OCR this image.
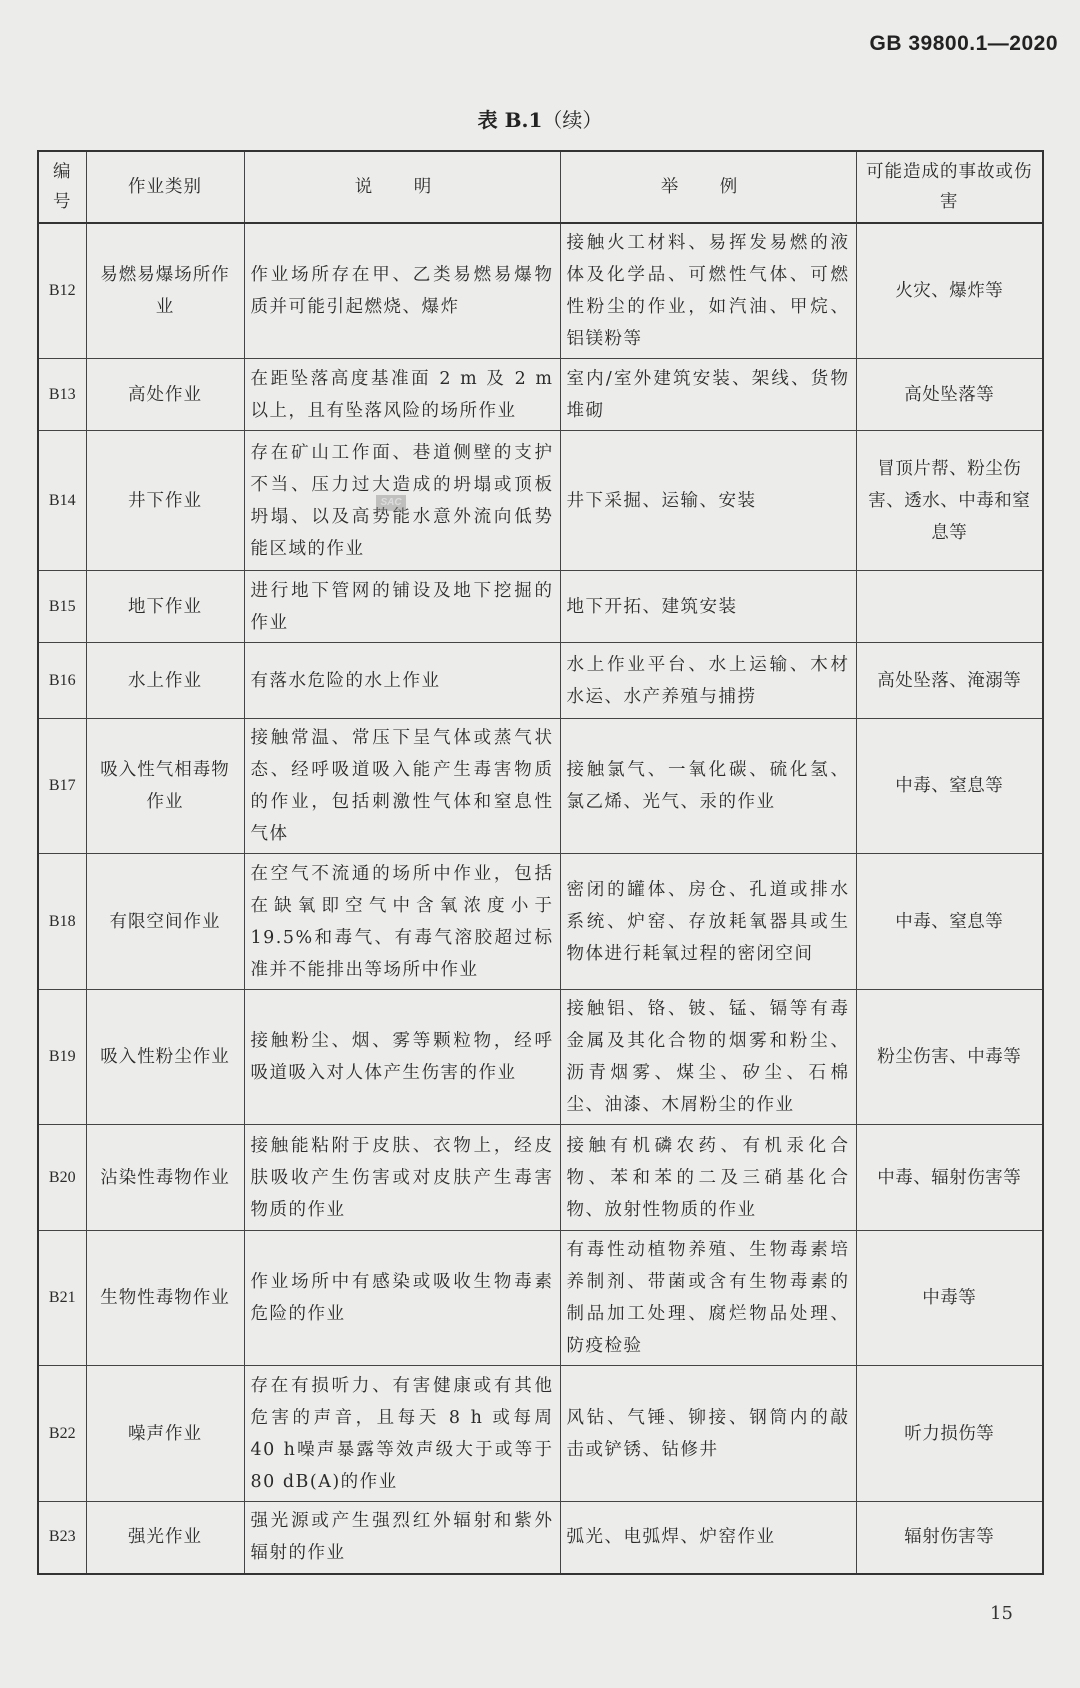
GB 39800.1—2020
表 B.1（续）
编号	作业类别	说 明	举 例	可能造成的事故或伤害
B12	易燃易爆场所作业	作业场所存在甲、乙类易燃易爆物质并可能引起燃烧、爆炸	接触火工材料、易挥发易燃的液体及化学品、可燃性气体、可燃性粉尘的作业，如汽油、甲烷、铝镁粉等	火灾、爆炸等
B13	高处作业	在距坠落高度基准面 2 m 及 2 m 以上，且有坠落风险的场所作业	室内/室外建筑安装、架线、货物堆砌	高处坠落等
B14	井下作业	存在矿山工作面、巷道侧壁的支护不当、压力过大造成的坍塌或顶板坍塌、以及高势能水意外流向低势能区域的作业	井下采掘、运输、安装	冒顶片帮、粉尘伤害、透水、中毒和窒息等
B15	地下作业	进行地下管网的铺设及地下挖掘的作业	地下开拓、建筑安装	
B16	水上作业	有落水危险的水上作业	水上作业平台、水上运输、木材水运、水产养殖与捕捞	高处坠落、淹溺等
B17	吸入性气相毒物作业	接触常温、常压下呈气体或蒸气状态、经呼吸道吸入能产生毒害物质的作业，包括刺激性气体和窒息性气体	接触氯气、一氧化碳、硫化氢、氯乙烯、光气、汞的作业	中毒、窒息等
B18	有限空间作业	在空气不流通的场所中作业，包括在缺氧即空气中含氧浓度小于19.5%和毒气、有毒气溶胶超过标准并不能排出等场所中作业	密闭的罐体、房仓、孔道或排水系统、炉窑、存放耗氧器具或生物体进行耗氧过程的密闭空间	中毒、窒息等
B19	吸入性粉尘作业	接触粉尘、烟、雾等颗粒物，经呼吸道吸入对人体产生伤害的作业	接触铝、铬、铍、锰、镉等有毒金属及其化合物的烟雾和粉尘、沥青烟雾、煤尘、矽尘、石棉尘、油漆、木屑粉尘的作业	粉尘伤害、中毒等
B20	沾染性毒物作业	接触能粘附于皮肤、衣物上，经皮肤吸收产生伤害或对皮肤产生毒害物质的作业	接触有机磷农药、有机汞化合物、苯和苯的二及三硝基化合物、放射性物质的作业	中毒、辐射伤害等
B21	生物性毒物作业	作业场所中有感染或吸收生物毒素危险的作业	有毒性动植物养殖、生物毒素培养制剂、带菌或含有生物毒素的制品加工处理、腐烂物品处理、防疫检验	中毒等
B22	噪声作业	存在有损听力、有害健康或有其他危害的声音，且每天 8 h 或每周 40 h噪声暴露等效声级大于或等于 80 dB(A)的作业	风钻、气锤、铆接、钢筒内的敲击或铲锈、钻修井	听力损伤等
B23	强光作业	强光源或产生强烈红外辐射和紫外辐射的作业	弧光、电弧焊、炉窑作业	辐射伤害等
SAC
15
